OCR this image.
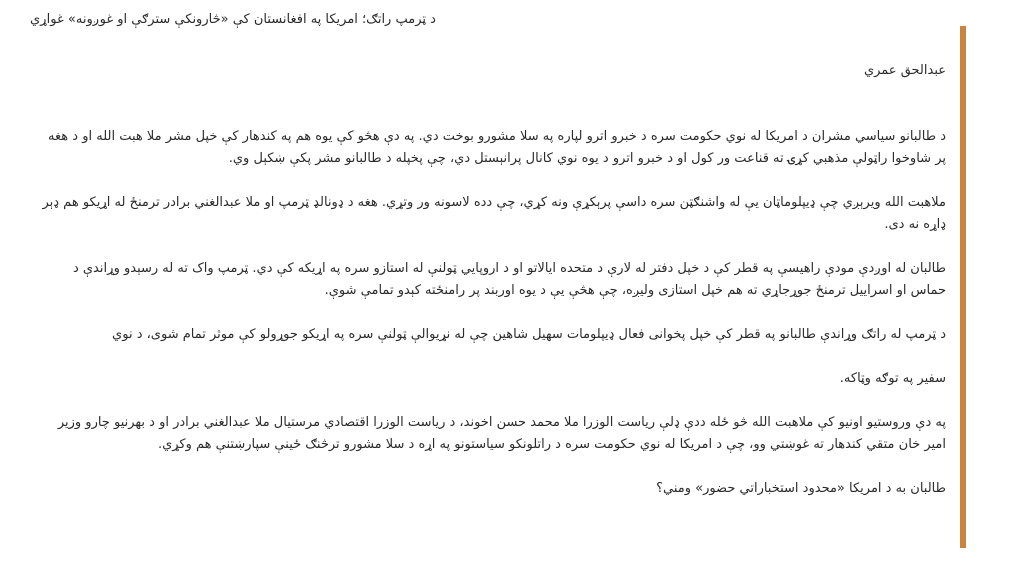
د ټرمپ راتګ؛ امریکا په افغانستان کې «څارونکې سترګې او غوږونه» غواړي

عبدالحق عمري

د طالبانو سیاسي مشران د امریکا له نوي حکومت سره د خبرو اترو لپاره په سلا مشورو بوخت دي. په دې هڅو کې یوه هم په کندهار کې خپل مشر ملا هبت الله او د هغه پر شاوخوا راټولې مذهبي کړۍ ته قناعت ور کول او د خبرو اترو د یوه نوي کانال پرانېستل دي، چې پخپله د طالبانو مشر پکې ښکېل وي.

ملاهبت الله ویرېږي چې ډیپلوماټان یې له واشنګټن سره داسې پرېکړې ونه کړي، چې دده لاسونه ور وتړي. هغه د ډونالډ ټرمپ او ملا عبدالغني برادر ترمنځ له اړیکو هم ډېر ډاړه نه دی.

طالبان له اوږدې مودې راهیسې په قطر کې د خپل دفتر له لارې د متحده ایالاتو او د اروپایي ټولنې له استازو سره په اړیکه کې دي. ټرمپ واک ته له رسېدو وړاندې د حماس او اسراییل ترمنځ جوړجاړي ته هم خپل استازی ولیږه، چې هڅې یې د یوه اوربند پر رامنځته کېدو تمامې شوې.

د ټرمپ له راتګ وړاندې طالبانو په قطر کې خپل پخوانی فعال ډیپلومات سهیل شاهین چې له نړیوالې ټولنې سره په اړیکو جوړولو کې موثر تمام شوی، د نوي

سفیر په توګه وټاکه.

په دې وروستیو اونیو کې ملاهبت الله څو ځله ددې ډلې ریاست الوزرا ملا محمد حسن اخوند، د ریاست الوزرا اقتصادي مرستیال ملا عبدالغني برادر او د بهرنیو چارو وزیر امیر خان متقي کندهار ته غوښتي وو، چې د امریکا له نوي حکومت سره د راتلونکو سیاستونو په اړه د سلا مشورو ترڅنګ ځینې سپارښتنې هم وکړي.

طالبان به د امریکا «محدود استخباراتي حضور» ومني؟
